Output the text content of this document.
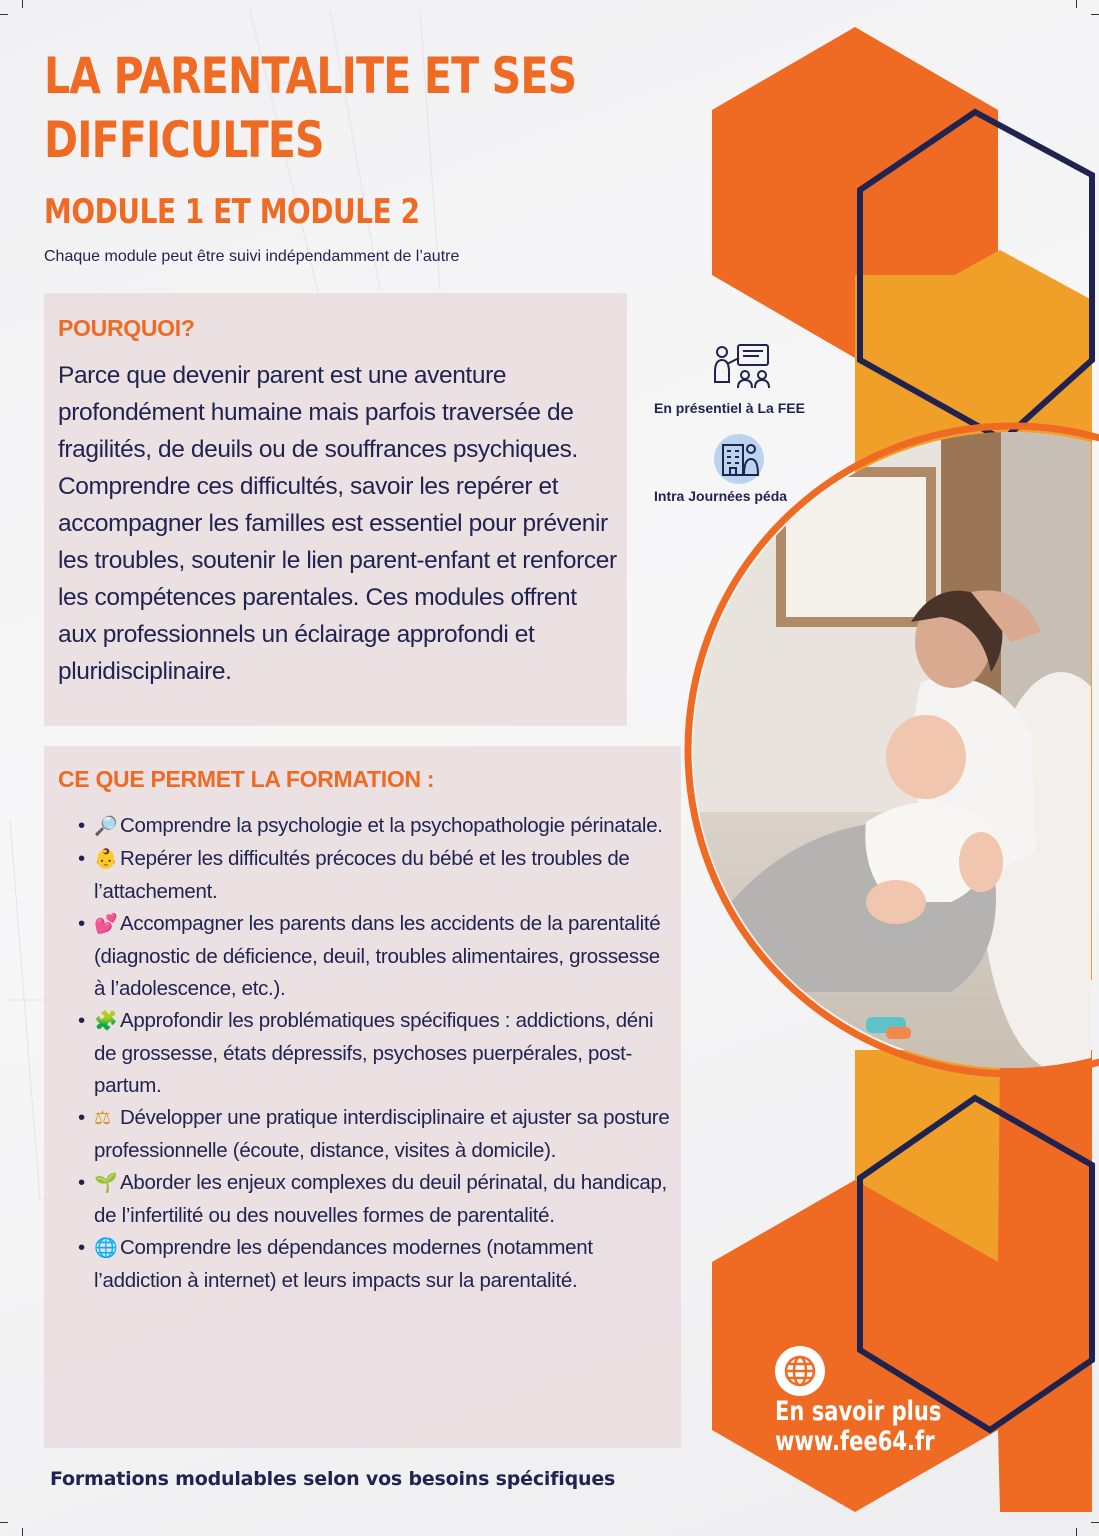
LA PARENTALITE ET SES DIFFICULTES
MODULE 1 ET MODULE 2
Chaque module peut être suivi indépendamment de l’autre
POURQUOI?
Parce que devenir parent est une aventure profondément humaine mais parfois traversée de fragilités, de deuils ou de souffrances psychiques. Comprendre ces difficultés, savoir les repérer et accompagner les familles est essentiel pour prévenir les troubles, soutenir le lien parent-enfant et renforcer les compétences parentales. Ces modules offrent aux professionnels un éclairage approfondi et pluridisciplinaire.
CE QUE PERMET LA FORMATION :
• 🔎 Comprendre la psychologie et la psychopathologie périnatale.
• 👶 Repérer les difficultés précoces du bébé et les troubles de l’attachement.
• 💕 Accompagner les parents dans les accidents de la parentalité (diagnostic de déficience, deuil, troubles alimentaires, grossesse à l’adolescence, etc.).
• 🧩 Approfondir les problématiques spécifiques : addictions, déni de grossesse, états dépressifs, psychoses puerpérales, post-partum.
• ⚖ Développer une pratique interdisciplinaire et ajuster sa posture professionnelle (écoute, distance, visites à domicile).
• 🌱 Aborder les enjeux complexes du deuil périnatal, du handicap, de l’infertilité ou des nouvelles formes de parentalité.
• 🌐 Comprendre les dépendances modernes (notamment l’addiction à internet) et leurs impacts sur la parentalité.
Formations modulables selon vos besoins spécifiques
En présentiel à La FEE
Intra Journées péda
En savoir plus
www.fee64.fr
